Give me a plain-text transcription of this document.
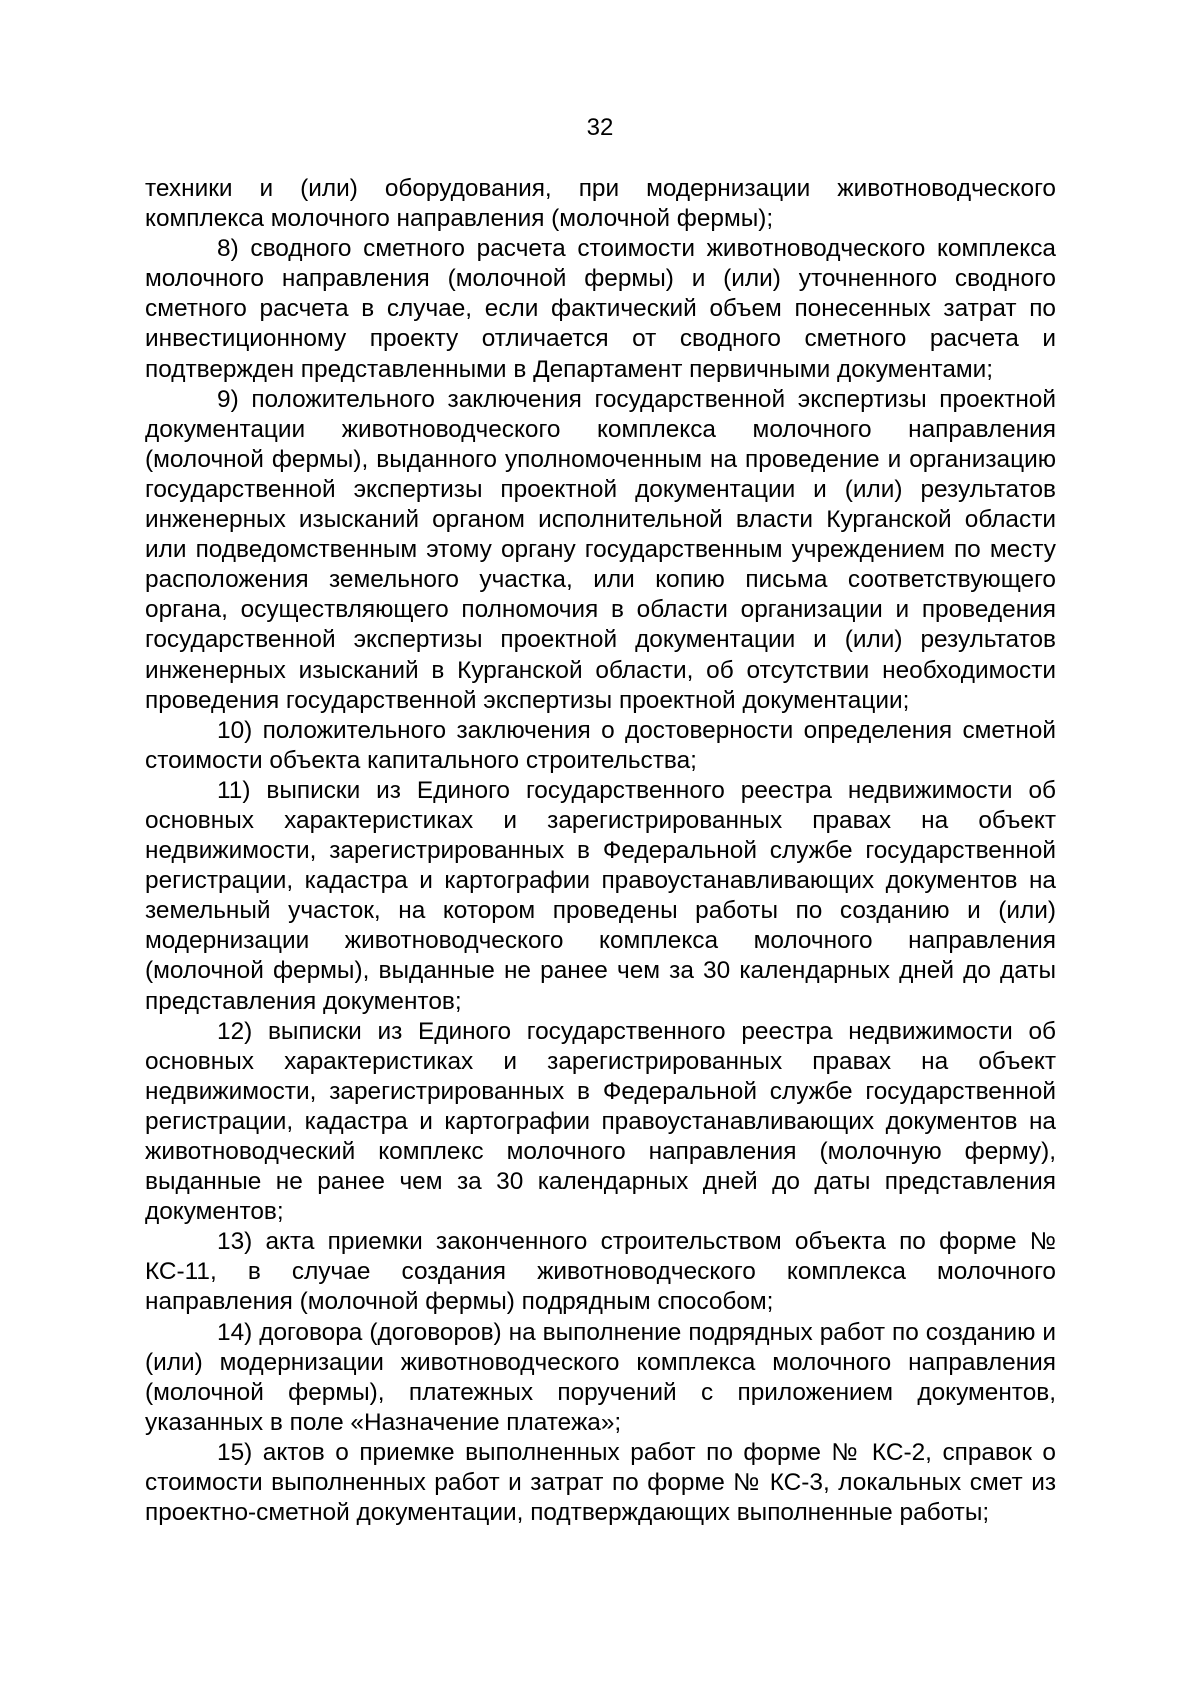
32

техники и (или) оборудования, при модернизации животноводческого комплекса молочного направления (молочной фермы);

8) сводного сметного расчета стоимости животноводческого комплекса молочного направления (молочной фермы) и (или) уточненного сводного сметного расчета в случае, если фактический объем понесенных затрат по инвестиционному проекту отличается от сводного сметного расчета и подтвержден представленными в Департамент первичными документами;

9) положительного заключения государственной экспертизы проектной документации животноводческого комплекса молочного направления (молочной фермы), выданного уполномоченным на проведение и организацию государственной экспертизы проектной документации и (или) результатов инженерных изысканий органом исполнительной власти Курганской области или подведомственным этому органу государственным учреждением по месту расположения земельного участка, или копию письма соответствующего органа, осуществляющего полномочия в области организации и проведения государственной экспертизы проектной документации и (или) результатов инженерных изысканий в Курганской области, об отсутствии необходимости проведения государственной экспертизы проектной документации;

10) положительного заключения о достоверности определения сметной стоимости объекта капитального строительства;

11) выписки из Единого государственного реестра недвижимости об основных характеристиках и зарегистрированных правах на объект недвижимости, зарегистрированных в Федеральной службе государственной регистрации, кадастра и картографии правоустанавливающих документов на земельный участок, на котором проведены работы по созданию и (или) модернизации животноводческого комплекса молочного направления (молочной фермы), выданные не ранее чем за 30 календарных дней до даты представления документов;

12) выписки из Единого государственного реестра недвижимости об основных характеристиках и зарегистрированных правах на объект недвижимости, зарегистрированных в Федеральной службе государственной регистрации, кадастра и картографии правоустанавливающих документов на животноводческий комплекс молочного направления (молочную ферму), выданные не ранее чем за 30 календарных дней до даты представления документов;

13) акта приемки законченного строительством объекта по форме № КС-11, в случае создания животноводческого комплекса молочного направления (молочной фермы) подрядным способом;

14) договора (договоров) на выполнение подрядных работ по созданию и (или) модернизации животноводческого комплекса молочного направления (молочной фермы), платежных поручений с приложением документов, указанных в поле «Назначение платежа»;

15) актов о приемке выполненных работ по форме № КС-2, справок о стоимости выполненных работ и затрат по форме № КС-3, локальных смет из проектно-сметной документации, подтверждающих выполненные работы;
